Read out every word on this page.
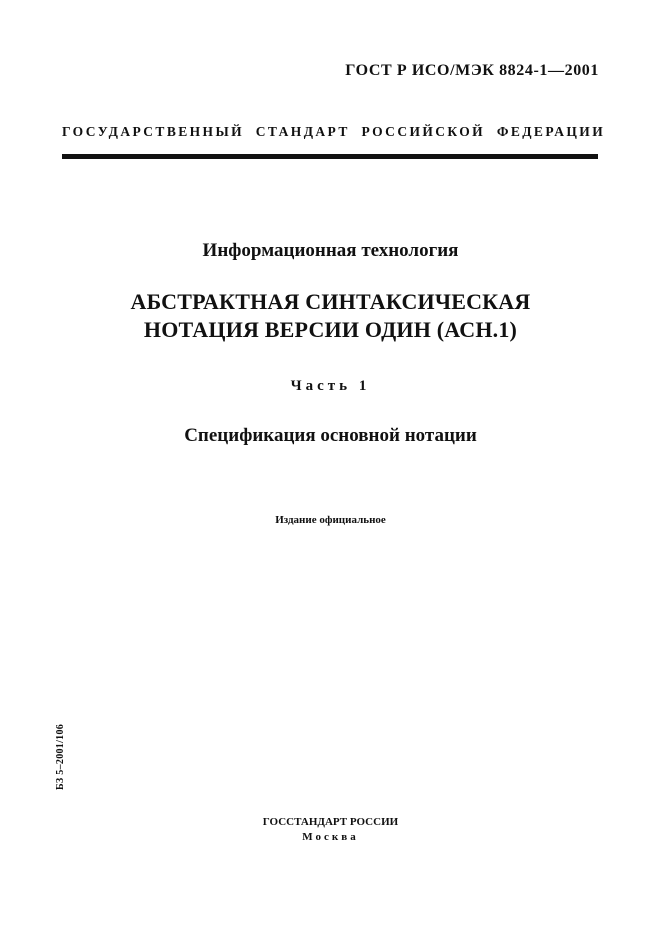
ГОСТ Р ИСО/МЭК 8824-1—2001
ГОСУДАРСТВЕННЫЙ СТАНДАРТ РОССИЙСКОЙ ФЕДЕРАЦИИ
Информационная технология
АБСТРАКТНАЯ СИНТАКСИЧЕСКАЯ
НОТАЦИЯ ВЕРСИИ ОДИН (АСН.1)
Часть 1
Спецификация основной нотации
Издание официальное
БЗ 5–2001/106
ГОССТАНДАРТ РОССИИ
Москва
